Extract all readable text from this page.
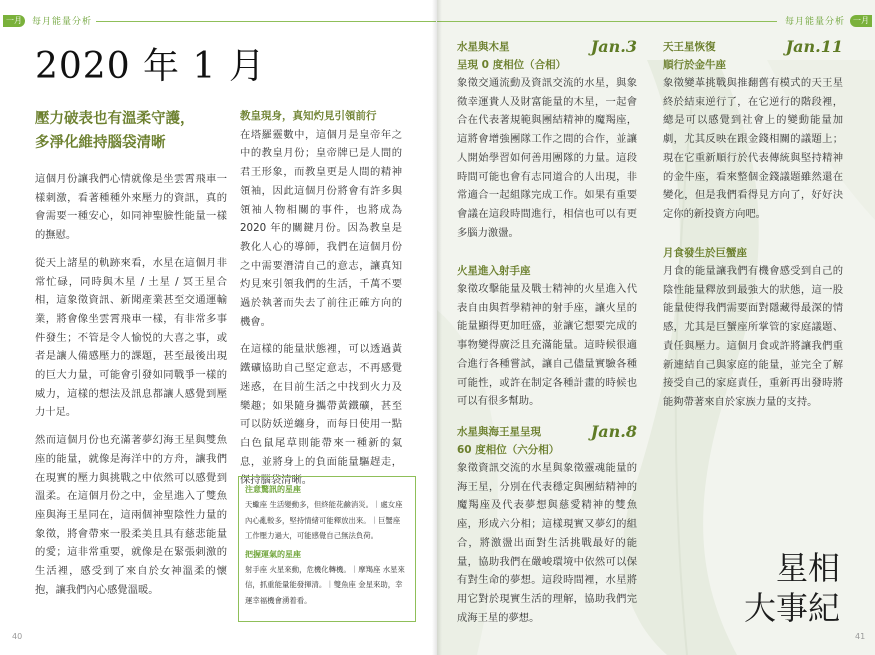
一月	每月能量分析
2020 年 1 月
壓力破表也有溫柔守護，
多淨化維持腦袋清晰

這個月份讓我們心情就像是坐雲霄飛車一樣刺激，看著種種外來壓力的資訊，真的會需要一種安心，如同神聖臉性能量一樣的撫慰。

從天上諸星的軌跡來看，水星在這個月非常忙碌，同時與木星 / 土星 / 冥王星合相，這象徵資訊、新聞產業甚至交通運輸業，將會像坐雲霄飛車一樣，有非常多事件發生；不管是令人愉悦的大喜之事，或者是讓人備感壓力的課題，甚至最後出現的巨大力量，可能會引發如同戰爭一樣的威力，這樣的想法及訊息都讓人感覺到壓力十足。

然而這個月份也充滿著夢幻海王星與雙魚座的能量，就像是海洋中的方舟，讓我們在現實的壓力與挑戰之中依然可以感覺到溫柔。在這個月份之中，金星進入了雙魚座與海王星同在，這兩個神聖陰性力量的象徵，將會帶來一股柔美且具有慈悲能量的愛；這非常重要，就像是在緊張刺激的生活裡，感受到了來自於女神溫柔的懷抱，讓我們內心感覺溫暖。

教皇現身，真知灼見引領前行

在塔羅靈數中，這個月是皇帝年之中的教皇月份；皇帝牌已是人間的君王形象，而教皇更是人間的精神領袖，因此這個月份將會有許多與領袖人物相關的事件，也將成為 2020 年的關鍵月份。因為教皇是教化人心的導師，我們在這個月份之中需要潛清自己的意志，讓真知灼見來引領我們的生活，千萬不要過於執著而失去了前往正確方向的機會。

在這樣的能量狀態裡，可以透過黃鐵礦協助自己堅定意志，不再感覺迷惑，在目前生活之中找到火力及樂趣；如果隨身攜帶黃鐵礦，甚至可以防妖逆纏身，而每日使用一點白色鼠尾草則能帶來一種新的氣息，並將身上的負面能量驅趕走，保持腦袋清晰。

注意驚訊的星座
天蠍座 生活變動多，但終能花鹼消災。｜處女座 內心亂較多，堅持情緒可能釋放出來。｜巨蟹座 工作壓力過大，可能感覺自己無法負荷。
把握運氣的星座
射手座 火星來動，危機化轉機。｜摩羯座 水星來信，抓重能量能發揮清。｜雙魚座 金星來助，幸運幸福機會湧着看。
40
每月能量分析 一月
41
Jan.3
水星與木星
呈現 0 度相位（合相）
象徵交通流動及資訊交流的水星，與象徵幸運貴人及財富能量的木星，一起會合在代表著規範與團結精神的魔羯座，這將會增強團隊工作之間的合作，並讓人開始學習如何善用團隊的力量。這段時間可能也會有志同道合的人出現，非常適合一起組隊完成工作。如果有重要會議在這段時間進行，相信也可以有更多腦力激盪。
火星進入射手座
象徵攻擊能量及戰士精神的火星進入代表自由與哲學精神的射手座，讓火星的能量顯得更加旺盛，並讓它想要完成的事物變得廣泛且充滿能量。這時候很適合進行各種嘗試，讓自己儘量實驗各種可能性，或許在制定各種計畫的時候也可以有很多幫助。
Jan.8
水星與海王星呈現
60 度相位（六分相）
象徵資訊交流的水星與象徵靈魂能量的海王星，分別在代表穩定與團結精神的魔羯座及代表夢想與慈愛精神的雙魚座，形成六分相；這樣現實又夢幻的組合，將激盪出面對生活挑戰最好的能量，協助我們在嚴峻環境中依然可以保有對生命的夢想。這段時間裡，水星將用它對於現實生活的理解，協助我們完成海王星的夢想。
Jan.11
天王星恢復
順行於金牛座
象徵變革挑戰與推翻舊有模式的天王星終於結束逆行了，在它逆行的階段裡，總是可以感覺到社會上的變動能量加劇，尤其反映在跟金錢相關的議題上；現在它重新順行於代表傳統與堅持精神的金牛座，看來整個金錢議題雖然還在變化，但是我們看得見方向了，好好決定你的新投資方向吧。
月食發生於巨蟹座
月食的能量讓我們有機會感受到自己的陰性能量釋放到最強大的狀態，這一股能量使得我們需要面對隱藏得最深的情感，尤其是巨蟹座所掌管的家庭議題、責任與壓力。這個月食或許將讓我們重新連結自己與家庭的能量，並完全了解接受自己的家庭責任，重新再出發時將能夠帶著來自於家族力量的支持。
星相
大事紀
